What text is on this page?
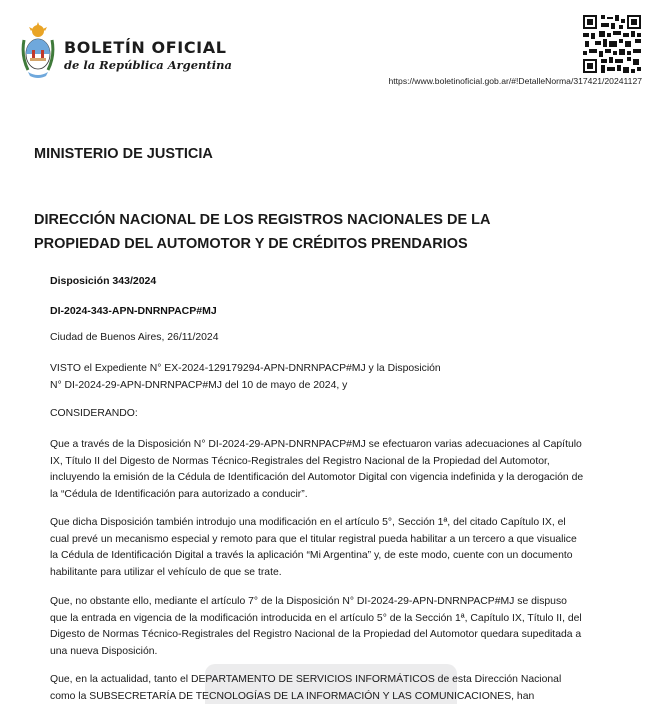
BOLETÍN OFICIAL
de la República Argentina
https://www.boletinoficial.gob.ar/#!DetalleNorma/317421/20241127
MINISTERIO DE JUSTICIA
DIRECCIÓN NACIONAL DE LOS REGISTROS NACIONALES DE LA
PROPIEDAD DEL AUTOMOTOR Y DE CRÉDITOS PRENDARIOS
Disposición 343/2024
DI-2024-343-APN-DNRNPACP#MJ
Ciudad de Buenos Aires, 26/11/2024
VISTO el Expediente N° EX-2024-129179294-APN-DNRNPACP#MJ y la Disposición
N° DI-2024-29-APN-DNRNPACP#MJ del 10 de mayo de 2024, y
CONSIDERANDO:
Que a través de la Disposición N° DI-2024-29-APN-DNRNPACP#MJ se efectuaron varias adecuaciones al Capítulo
IX, Título II del Digesto de Normas Técnico-Registrales del Registro Nacional de la Propiedad del Automotor,
incluyendo la emisión de la Cédula de Identificación del Automotor Digital con vigencia indefinida y la derogación de
la “Cédula de Identificación para autorizado a conducir”.
Que dicha Disposición también introdujo una modificación en el artículo 5°, Sección 1ª, del citado Capítulo IX, el
cual prevé un mecanismo especial y remoto para que el titular registral pueda habilitar a un tercero a que visualice
la Cédula de Identificación Digital a través la aplicación “Mi Argentina” y, de este modo, cuente con un documento
habilitante para utilizar el vehículo de que se trate.
Que, no obstante ello, mediante el artículo 7° de la Disposición N° DI-2024-29-APN-DNRNPACP#MJ se dispuso
que la entrada en vigencia de la modificación introducida en el artículo 5° de la Sección 1ª, Capítulo IX, Título II, del
Digesto de Normas Técnico-Registrales del Registro Nacional de la Propiedad del Automotor quedara supeditada a
una nueva Disposición.
Que, en la actualidad, tanto el DEPARTAMENTO DE SERVICIOS INFORMÁTICOS de esta Dirección Nacional
como la SUBSECRETARÍA DE TECNOLOGÍAS DE LA INFORMACIÓN Y LAS COMUNICACIONES, han
